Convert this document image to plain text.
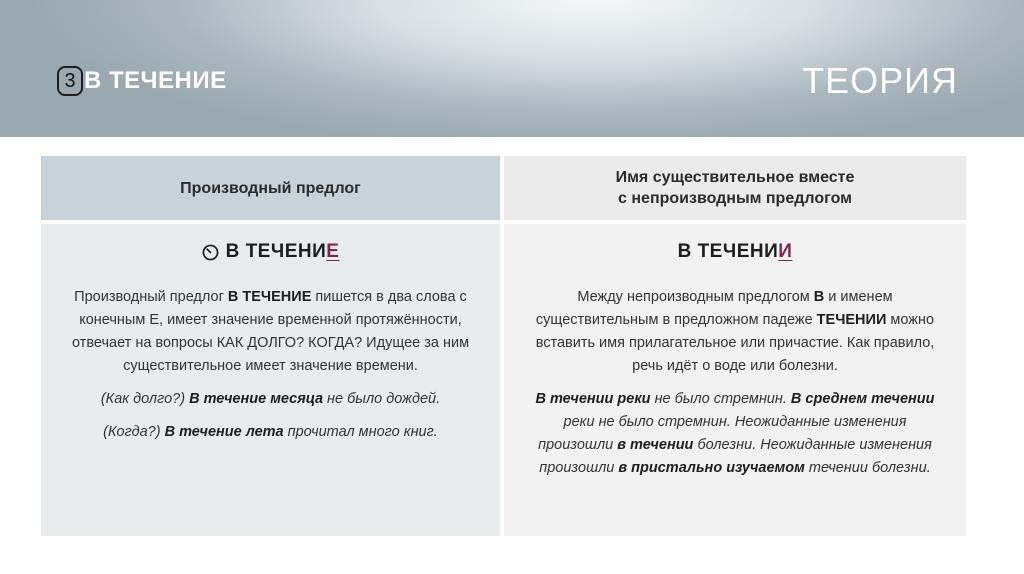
3 В ТЕЧЕНИЕ	ТЕОРИЯ
Производный предлог
Имя существительное вместе
с непроизводным предлогом
В ТЕЧЕНИ Е

Производный предлог В ТЕЧЕНИЕ пишется в два слова с конечным Е, имеет значение временной протяжённости, отвечает на вопросы КАК ДОЛГО? КОГДА? Идущее за ним существительное имеет значение времени.

(Как долго?) В течение месяца не было дождей.

(Когда?) В течение лета прочитал много книг.

В ТЕЧЕНИ И

Между непроизводным предлогом В и именем существительным в предложном падеже ТЕЧЕНИИ можно вставить имя прилагательное или причастие. Как правило, речь идёт о воде или болезни.

В течении реки не было стремнин. В среднем течении реки не было стремнин. Неожиданные изменения произошли в течении болезни. Неожиданные изменения произошли в пристально изучаемом течении болезни.
